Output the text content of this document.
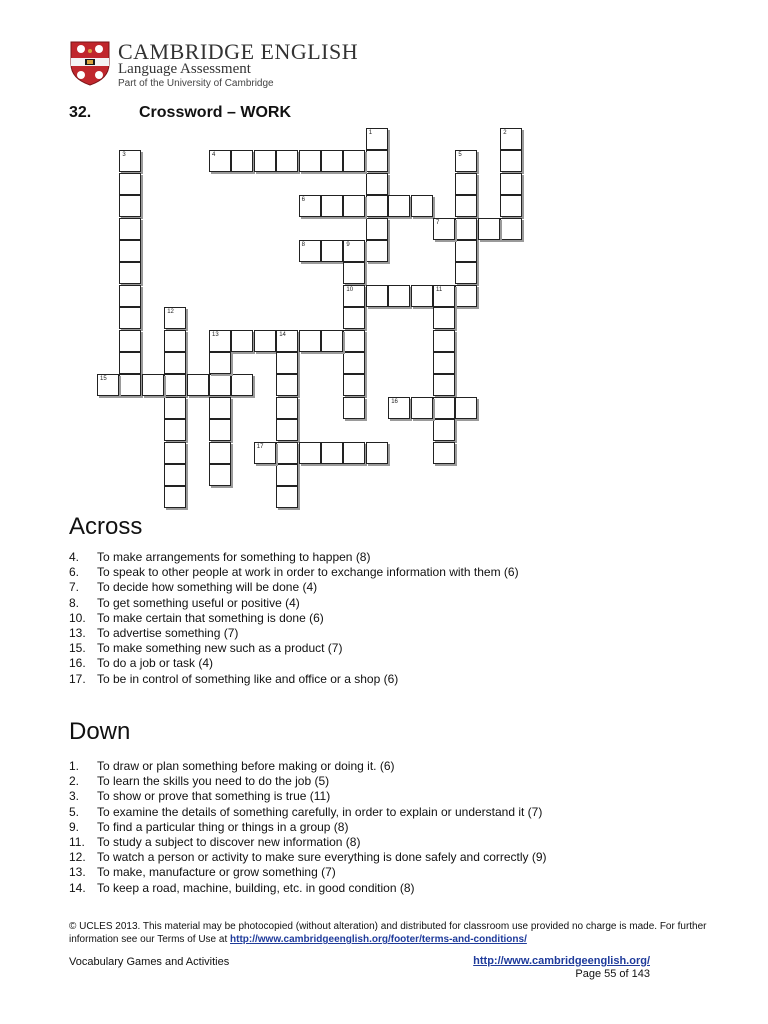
CAMBRIDGE ENGLISH
Language Assessment
Part of the University of Cambridge
32.	Crossword – WORK
1	2
3	4	5
6
7
8	9
10	11
12
13	14
15
16
17
Across
4. To make arrangements for something to happen (8)
6. To speak to other people at work in order to exchange information with them (6)
7. To decide how something will be done (4)
8. To get something useful or positive (4)
10. To make certain that something is done (6)
13. To advertise something (7)
15. To make something new such as a product (7)
16. To do a job or task (4)
17. To be in control of something like and office or a shop (6)
Down
1. To draw or plan something before making or doing it. (6)
2. To learn the skills you need to do the job (5)
3. To show or prove that something is true (11)
5. To examine the details of something carefully, in order to explain or understand it (7)
9. To find a particular thing or things in a group (8)
11. To study a subject to discover new information (8)
12. To watch a person or activity to make sure everything is done safely and correctly (9)
13. To make, manufacture or grow something (7)
14. To keep a road, machine, building, etc. in good condition (8)
© UCLES 2013. This material may be photocopied (without alteration) and distributed for classroom use provided no charge is made. For further information see our Terms of Use at http://www.cambridgeenglish.org/footer/terms-and-conditions/
Vocabulary Games and Activities	http://www.cambridgeenglish.org/
Page 55 of 143
